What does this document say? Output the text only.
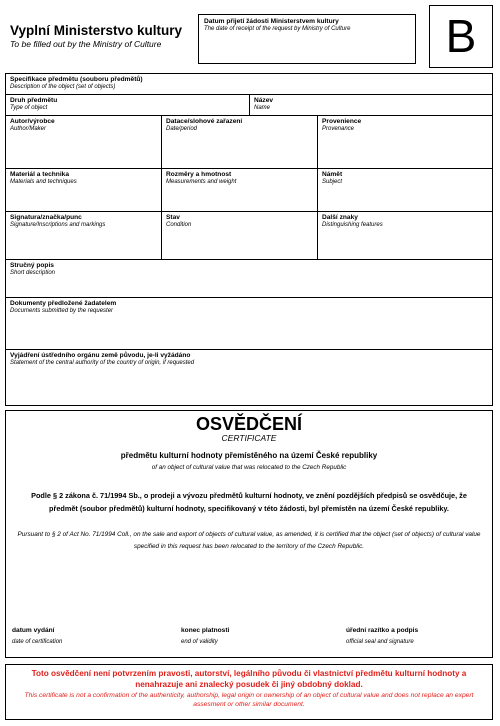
Vyplní Ministerstvo kultury
To be filled out by the Ministry of Culture
Datum přijetí žádosti Ministerstvem kultury
The date of receipt of the request by Ministry of Culture	B
Specifikace předmětu (souboru předmětů)
Description of the object (set of objects)
Druh předmětu
Type of object
Název
Name
Autor/výrobce
Author/Maker
Datace/slohové zařazení
Date/period
Provenience
Provenance
Materiál a technika
Materials and techniques
Rozměry a hmotnost
Measurements and weight
Námět
Subject
Signatura/značka/punc
Signature/Inscriptions and markings
Stav
Condition
Další znaky
Distinguishing features
Stručný popis
Short description
Dokumenty předložené žadatelem
Documents submitted by the requester
Vyjádření ústředního orgánu země původu, je-li vyžádáno
Statement of the central authority of the country of origin, if requested
OSVĚDČENÍ
CERTIFICATE
předmětu kulturní hodnoty přemístěného na území České republiky
of an object of cultural value that was relocated to the Czech Republic
Podle § 2 zákona č. 71/1994 Sb., o prodeji a vývozu předmětů kulturní hodnoty, ve znění pozdějších předpisů se osvědčuje, že předmět (soubor předmětů) kulturní hodnoty, specifikovaný v této žádosti, byl přemístěn na území České republiky.
Pursuant to § 2 of Act No. 71/1994 Coll., on the sale and export of objects of cultural value, as amended, it is certified that the object (set of objects) of cultural value specified in this request has been relocated to the territory of the Czech Republic.
datum vydání
date of certification
konec platnosti
end of validity
úřední razítko a podpis
official seal and signature
Toto osvědčení není potvrzením pravosti, autorství, legálního původu či vlastnictví předmětu kulturní hodnoty a nenahrazuje ani znalecký posudek či jiný obdobný doklad.
This certificate is not a confirmation of the authenticity, authorship, legal origin or ownership of an object of cultural value and does not replace an expert assesment or other similar document.
